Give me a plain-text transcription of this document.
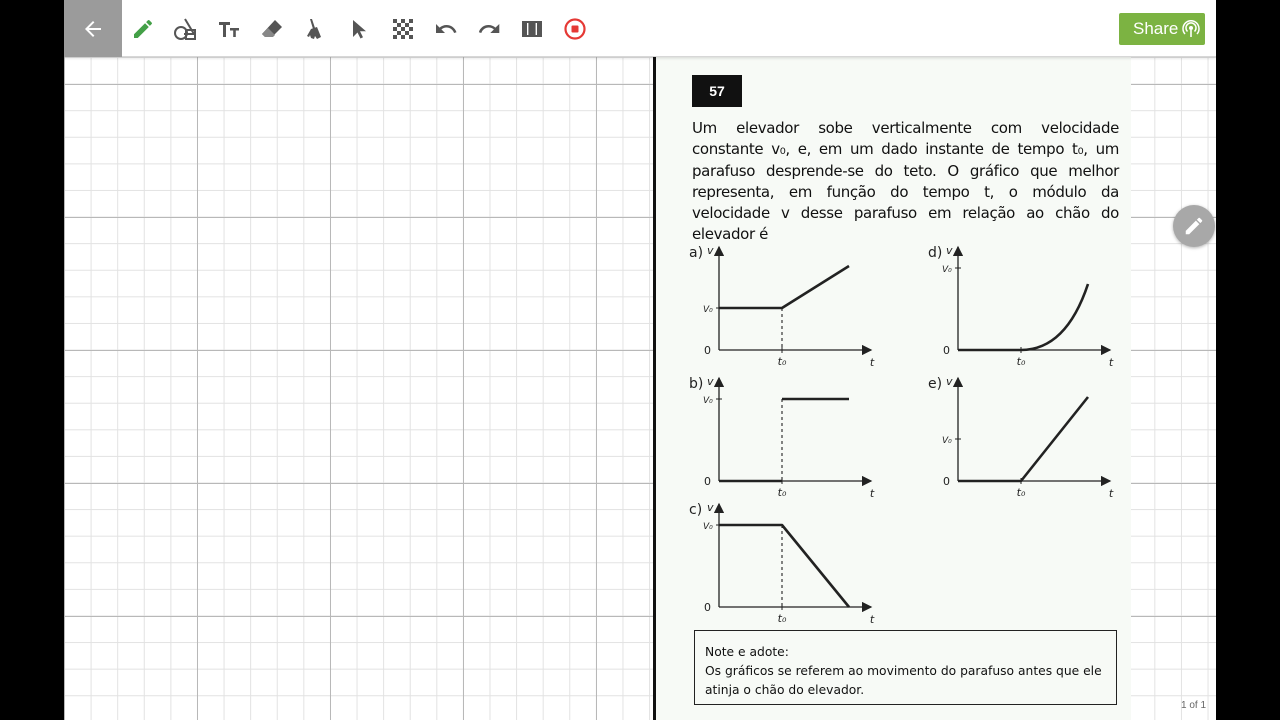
Share
57
Um elevador sobe verticalmente com velocidade constante v₀, e, em um dado instante de tempo t₀, um parafuso desprende-se do teto. O gráfico que melhor representa, em função do tempo t, o módulo da velocidade v desse parafuso em relação ao chão do elevador é
a) v
0
V₀
t₀	t
b) v
0
V₀
t₀	t
c) v
0
V₀
t₀	t
d) v
0
V₀
t₀	t
e) v
0
V₀
t₀	t
Note e adote:
Os gráficos se referem ao movimento do parafuso antes que ele atinja o chão do elevador.
1 of 1
